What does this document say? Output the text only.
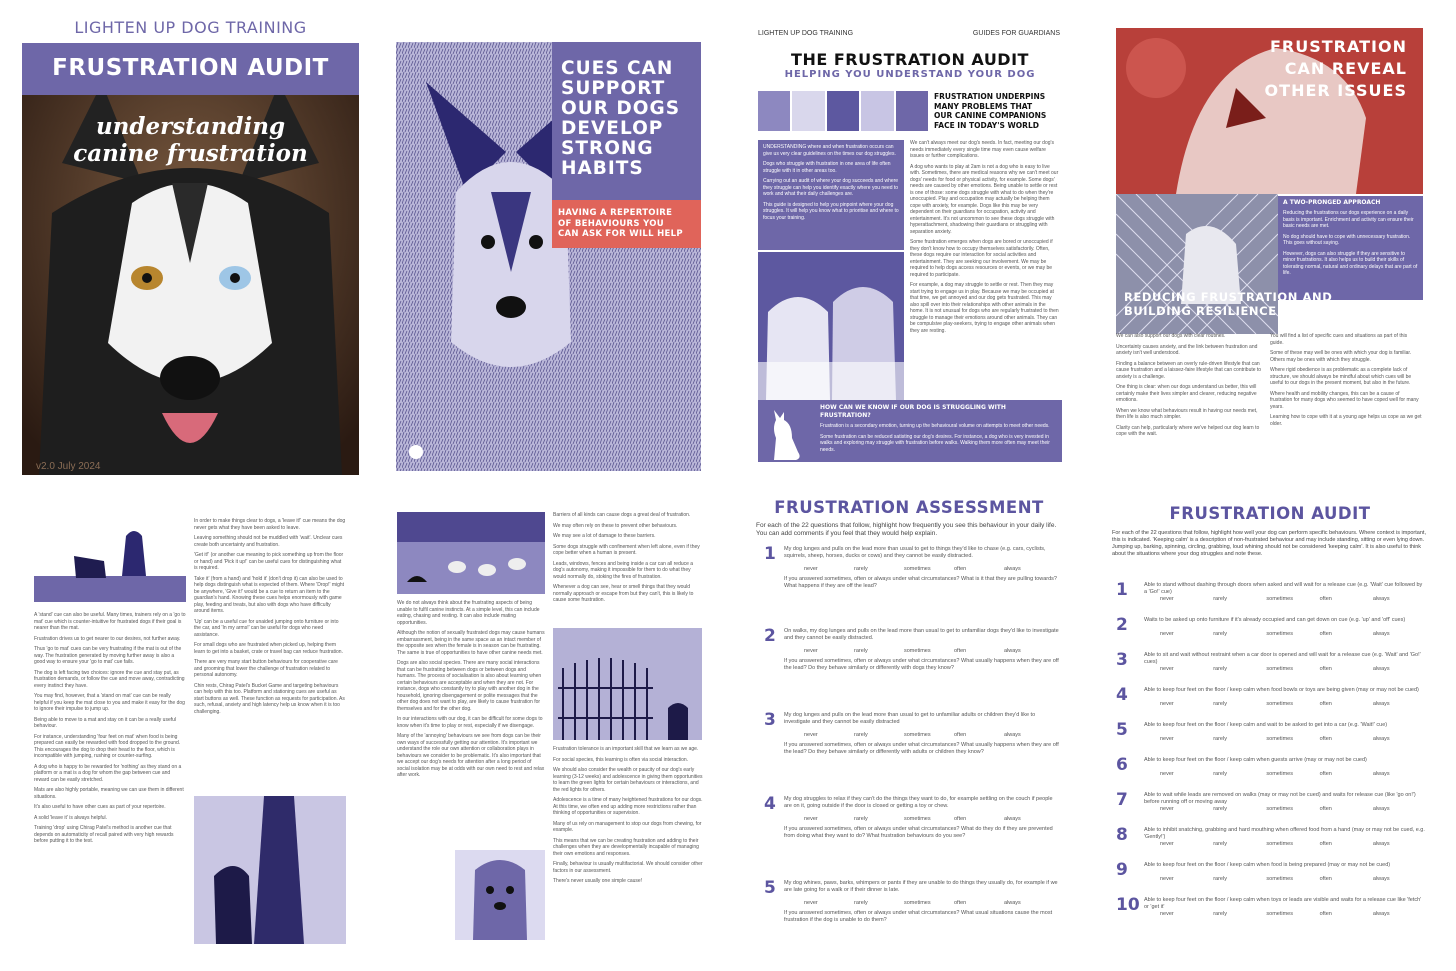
LIGHTEN UP DOG TRAINING
FRUSTRATION AUDIT
understanding
canine frustration
v2.0 July 2024
CUES CAN
SUPPORT
OUR DOGS
DEVELOP
STRONG
HABITS
HAVING A REPERTOIRE
OF BEHAVIOURS YOU
CAN ASK FOR WILL HELP
LIGHTEN UP DOG TRAINING	GUIDES FOR GUARDIANS
THE FRUSTRATION AUDIT
HELPING YOU UNDERSTAND YOUR DOG
FRUSTRATION UNDERPINS
MANY PROBLEMS THAT
OUR CANINE COMPANIONS
FACE IN TODAY'S WORLD
UNDERSTANDING where and when frustration occurs can give us very clear guidelines on the times our dog struggles.
Dogs who struggle with frustration in one area of life often struggle with it in other areas too.
Carrying out an audit of where your dog succeeds and where they struggle can help you identify exactly where you need to work and what their daily challenges are.
This guide is designed to help you pinpoint where your dog struggles. It will help you know what to prioritise and where to focus your training.
We can't always meet our dog's needs. In fact, meeting our dog's needs immediately every single time may even cause welfare issues or further complications.
A dog who wants to play at 2am is not a dog who is easy to live with. Sometimes, there are medical reasons why we can't meet our dogs' needs for food or physical activity, for example. Some dogs' needs are caused by other emotions. Being unable to settle or rest is one of those: some dogs struggle with what to do when they're unoccupied. Play and occupation may actually be helping them cope with anxiety, for example. Dogs like this may be very dependent on their guardians for occupation, activity and entertainment. It's not uncommon to see these dogs struggle with hyperattachment, shadowing their guardians or struggling with separation anxiety.
Some frustration emerges when dogs are bored or unoccupied if they don't know how to occupy themselves satisfactorily. Often, these dogs require our interaction for social activities and entertainment. They are seeking our involvement. We may be required to help dogs access resources or events, or we may be required to participate.
For example, a dog may struggle to settle or rest. Then they may start trying to engage us in play. Because we may be occupied at that time, we get annoyed and our dog gets frustrated. This may also spill over into their relationships with other animals in the home. It is not unusual for dogs who are regularly frustrated to then struggle to manage their emotions around other animals. They can be compulsive play-seekers, trying to engage other animals when they are resting.
HOW CAN WE KNOW IF OUR DOG IS STRUGGLING WITH FRUSTRATION?
Frustration is a secondary emotion, turning up the behavioural volume on attempts to meet other needs.
Some frustration can be reduced satisting our dog's desires. For instance, a dog who is very invested in walks and exploring may struggle with frustration before walks. Walking them more often may meet their needs.
FRUSTRATION
CAN REVEAL
OTHER ISSUES
A TWO-PRONGED APPROACH
Reducing the frustrations our dogs experience on a daily basis is important. Enrichment and activity can ensure their basic needs are met.
No dog should have to cope with unnecessary frustration. This goes without saying.
However, dogs can also struggle if they are sensitive to minor frustrations. It also helps us to build their skills of tolerating normal, natural and ordinary delays that are part of life.
REDUCING FRUSTRATION AND
BUILDING RESILIENCE
We can also support our dogs with clear routines.
Uncertainty causes anxiety, and the link between frustration and anxiety isn't well understood.
Finding a balance between an overly rule-driven lifestyle that can cause frustration and a laissez-faire lifestyle that can contribute to anxiety is a challenge.
One thing is clear: when our dogs understand us better, this will certainly make their lives simpler and clearer, reducing negative emotions.
When we know what behaviours result in having our needs met, then life is also much simpler.
Clarity can help, particularly where we've helped our dog learn to cope with the wait.
You will find a list of specific cues and situations as part of this guide.
Some of these may well be ones with which your dog is familiar. Others may be ones with which they struggle.
Where rigid obedience is as problematic as a complete lack of structure, we should always be mindful about which cues will be useful to our dogs in the present moment, but also in the future.
Where health and mobility changes, this can be a cause of frustration for many dogs who seemed to have coped well for many years.
Learning how to cope with it at a young age helps us cope as we get older.
A 'stand' cue can also be useful. Many times, trainers rely on a 'go to mat' cue which is counter-intuitive for frustrated dogs if their goal is nearer than the mat.
Frustration drives us to get nearer to our desires, not further away.
Thus 'go to mat' cues can be very frustrating if the mat is out of the way. The frustration generated by moving further away is also a good way to ensure your 'go to mat' cue fails.
The dog is left facing two choices: ignore the cue and stay put, as frustration demands, or follow the cue and move away, contradicting every instinct they have.
You may find, however, that a 'stand on mat' cue can be really helpful if you keep the mat close to you and make it easy for the dog to ignore their impulse to jump up.
Being able to move to a mat and stay on it can be a really useful behaviour.
For instance, understanding 'four feet on mat' when food is being prepared can easily be rewarded with food dropped to the ground. This encourages the dog to drop their head to the floor, which is incompatible with jumping, rushing or counter-surfing.
A dog who is happy to be rewarded for 'nothing' as they stand on a platform or a mat is a dog for whom the gap between cue and reward can be easily stretched.
Mats are also highly portable, meaning we can use them in different situations.
It's also useful to have other cues as part of your repertoire.
A solid 'leave it' is always helpful.
Training 'drop' using Chirag Patel's method is another cue that depends on automaticity of recall paired with very high rewards before putting it to the test.
In order to make things clear to dogs, a 'leave it!' cue means the dog never gets what they have been asked to leave.
Leaving something should not be muddled with 'wait'. Unclear cues create both uncertainty and frustration.
'Get it!' (or another cue meaning to pick something up from the floor or hand) and 'Pick it up!' can be useful cues for distinguishing what is required.
Take it' (from a hand) and 'hold it' (don't drop it) can also be used to help dogs distinguish what is expected of them. Where 'Drop!' might be anywhere, 'Give it!' would be a cue to return an item to the guardian's hand. Knowing these cues helps enormously with game play, feeding and treats, but also with dogs who have difficulty around items.
'Up' can be a useful cue for unaided jumping onto furniture or into the car, and 'In my arms!' can be useful for dogs who need assistance.
For small dogs who are frustrated when picked up, helping them learn to get into a basket, crate or travel bag can reduce frustration.
There are very many start button behaviours for cooperative care and grooming that lower the challenge of frustration related to personal autonomy.
Chin rests, Chirag Patel's Bucket Game and targeting behaviours can help with this too. Platform and stationing cues are useful as start buttons as well. These function as requests for participation. As such, refusal, anxiety and high latency help us know when it is too challenging.
We do not always think about the frustrating aspects of being unable to fulfil canine instincts. At a simple level, this can include eating, chasing and resting. It can also include mating opportunities.
Although the notion of sexually frustrated dogs may cause humans embarrassment, being in the same space as an intact member of the opposite sex when the female is in season can be frustrating. The same is true of opportunities to have other canine needs met.
Dogs are also social species. There are many social interactions that can be frustrating between dogs or between dogs and humans. The process of socialisation is also about learning when certain behaviours are acceptable and when they are not. For instance, dogs who constantly try to play with another dog in the household, ignoring disengagement or polite messages that the other dog does not want to play, are likely to cause frustration for themselves and for the other dog.
In our interactions with our dog, it can be difficult for some dogs to know when it's time to play or rest, especially if we disengage.
Many of the 'annoying' behaviours we see from dogs can be their own ways of successfully getting our attention. It's important we understand the role our own attention or collaboration plays in behaviours we consider to be problematic. It's also important that we accept our dog's needs for attention after a long period of social isolation may be at odds with our own need to rest and relax after work.
Barriers of all kinds can cause dogs a great deal of frustration.
We may often rely on these to prevent other behaviours.
We may see a lot of damage to these barriers.
Some dogs struggle with confinement when left alone, even if they cope better when a human is present.
Leads, windows, fences and being inside a car can all reduce a dog's autonomy, making it impossible for them to do what they would normally do, stoking the fires of frustration.
Whenever a dog can see, hear or smell things that they would normally approach or escape from but they can't, this is likely to cause some frustration.
Frustration tolerance is an important skill that we learn as we age.
For social species, this learning is often via social interaction.
We should also consider the wealth or paucity of our dog's early learning (3-12 weeks) and adolescence in giving them opportunities to learn the green lights for certain behaviours or interactions, and the red lights for others.
Adolescence is a time of many heightened frustrations for our dogs. At this time, we often end up adding more restrictions rather than thinking of opportunities or supervision.
Many of us rely on management to stop our dogs from chewing, for example.
This means that we can be creating frustration and adding to their challenges when they are developmentally incapable of managing their own emotions and responses.
Finally, behaviour is usually multifactorial. We should consider other factors in our assessment.
There's never usually one simple cause!
FRUSTRATION ASSESSMENT
For each of the 22 questions that follow, highlight how frequently you see this behaviour in your daily life. You can add comments if you feel that they would help explain.
1 My dog lunges and pulls on the lead more than usual to get to things they'd like to chase (e.g. cars, cyclists, squirrels, sheep, horses, ducks or cows) and they cannot be easily distracted.
never	rarely	sometimes	often	always
If you answered sometimes, often or always under what circumstances? What is it that they are pulling towards? What happens if they are off the lead?
2 On walks, my dog lunges and pulls on the lead more than usual to get to unfamiliar dogs they'd like to investigate and they cannot be easily distracted.
never	rarely	sometimes	often	always
If you answered sometimes, often or always under what circumstances? What usually happens when they are off the lead? Do they behave similarly or differently with dogs they know?
3 My dog lunges and pulls on the lead more than usual to get to unfamiliar adults or children they'd like to investigate and they cannot be easily distracted
never	rarely	sometimes	often	always
If you answered sometimes, often or always under what circumstances? What usually happens when they are off the lead? Do they behave similarly or differently with adults or children they know?
4 My dog struggles to relax if they can't do the things they want to do, for example settling on the couch if people are on it, going outside if the door is closed or getting a toy or chew.
never	rarely	sometimes	often	always
If you answered sometimes, often or always under what circumstances? What do they do if they are prevented from doing what they want to do? What frustration behaviours do you see?
5 My dog whines, paws, barks, whimpers or pants if they are unable to do things they usually do, for example if we are late going for a walk or if their dinner is late.
never	rarely	sometimes	often	always
If you answered sometimes, often or always under what circumstances? What usual situations cause the most frustration if the dog is unable to do them?
FRUSTRATION AUDIT
For each of the 22 questions that follow, highlight how well your dog can perform specific behaviours. Where context is important, this is indicated. 'Keeping calm' is a description of non-frustrated behaviour and may include standing, sitting or even lying down. Jumping up, barking, spinning, circling, grabbing, loud whining should not be considered 'keeping calm'. It is also useful to think about the situations where your dog struggles and note these.
1	Able to stand without dashing through doors when asked and will wait for a release cue (e.g. 'Wait' cue followed by a 'Go!' cue)
never	rarely	sometimes	often	always
2	Waits to be asked up onto furniture if it's already occupied and can get down on cue (e.g. 'up' and 'off' cues)
never	rarely	sometimes	often	always
3	Able to sit and wait without restraint when a car door is opened and will wait for a release cue (e.g. 'Wait' and 'Go!' cues)
never	rarely	sometimes	often	always
4	Able to keep four feet on the floor / keep calm when food bowls or toys are being given (may or may not be cued)
never	rarely	sometimes	often	always
5	Able to keep four feet on the floor / keep calm and wait to be asked to get into a car (e.g. 'Wait!' cue)
never	rarely	sometimes	often	always
6	Able to keep four feet on the floor / keep calm when guests arrive (may or may not be cued)
never	rarely	sometimes	often	always
7	Able to wait while leads are removed on walks (may or may not be cued) and waits for release cue (like 'go on!') before running off or moving away
never	rarely	sometimes	often	always
8	Able to inhibit snatching, grabbing and hard mouthing when offered food from a hand (may or may not be cued, e.g. 'Gently!')
never	rarely	sometimes	often	always
9	Able to keep four feet on the floor / keep calm when food is being prepared (may or may not be cued)
never	rarely	sometimes	often	always
10 Able to keep four feet on the floor / keep calm when toys or leads are visible and waits for a release cue like 'fetch' or 'get it'
never	rarely	sometimes	often	always
